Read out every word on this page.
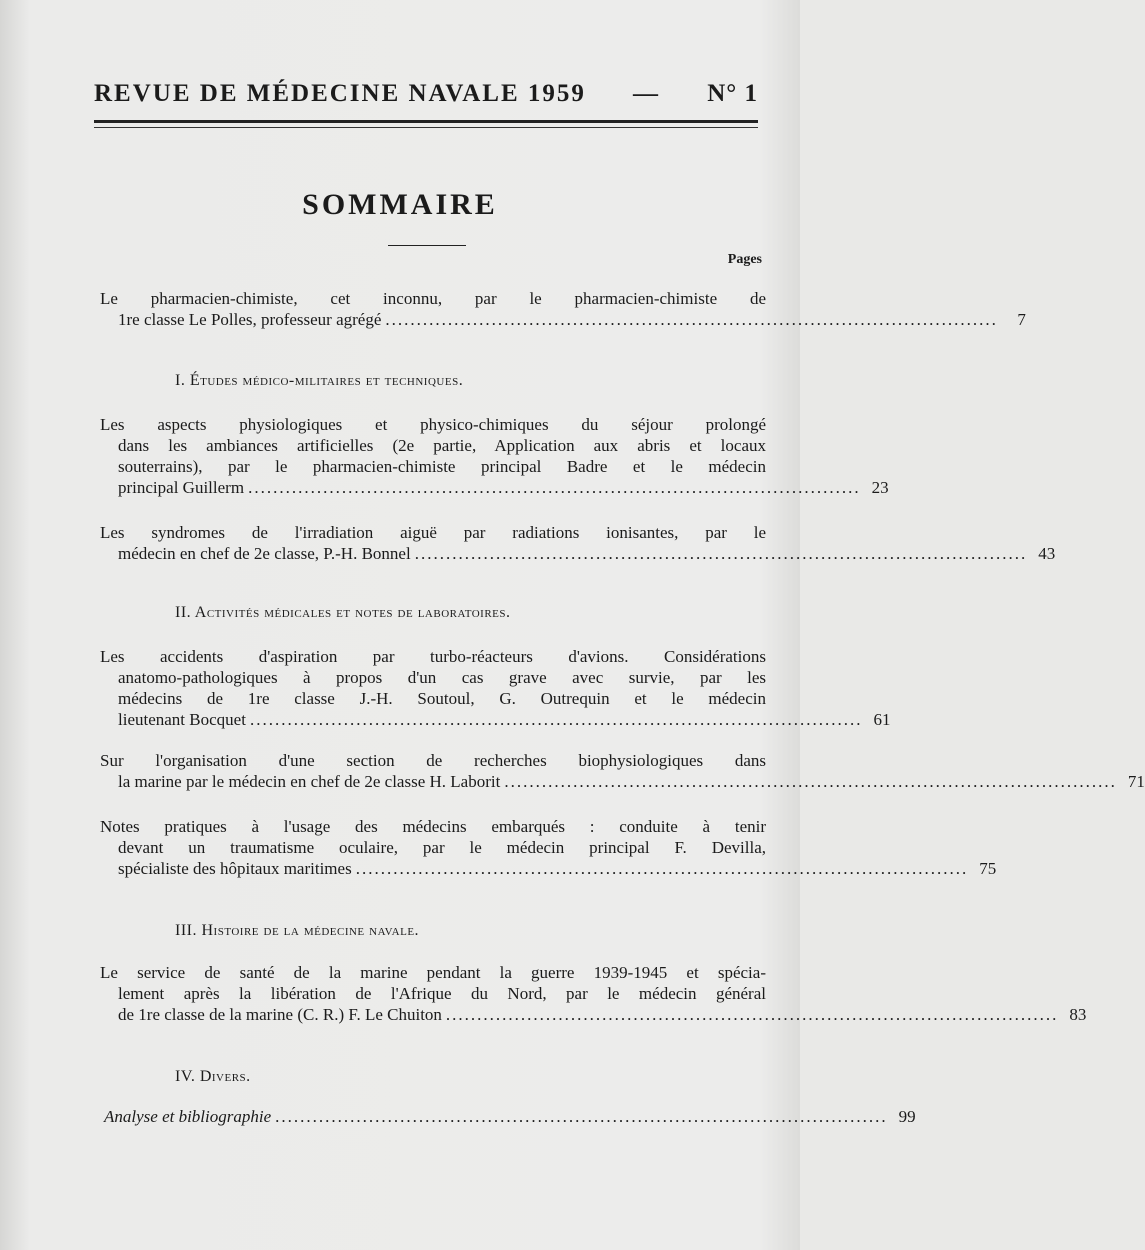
REVUE DE MÉDECINE NAVALE 1959 — N° 1
SOMMAIRE
Pages
Le pharmacien-chimiste, cet inconnu, par le pharmacien-chimiste de
1re classe Le Polles, professeur agrégé ..................................................................................................	7
I. Études médico-militaires et techniques.
Les aspects physiologiques et physico-chimiques du séjour prolongé
dans les ambiances artificielles (2e partie, Application aux abris et locaux
souterrains), par le pharmacien-chimiste principal Badre et le médecin
principal Guillerm .................................................................................................. 23
Les syndromes de l'irradiation aiguë par radiations ionisantes, par le
médecin en chef de 2e classe, P.-H. Bonnel .................................................................................................. 43
II. Activités médicales et notes de laboratoires.
Les accidents d'aspiration par turbo-réacteurs d'avions. Considérations
anatomo-pathologiques à propos d'un cas grave avec survie, par les
médecins de 1re classe J.-H. Soutoul, G. Outrequin et le médecin
lieutenant Bocquet .................................................................................................. 61
Sur l'organisation d'une section de recherches biophysiologiques dans
la marine par le médecin en chef de 2e classe H. Laborit .................................................................................................. 71
Notes pratiques à l'usage des médecins embarqués : conduite à tenir
devant un traumatisme oculaire, par le médecin principal F. Devilla,
spécialiste des hôpitaux maritimes .................................................................................................. 75
III. Histoire de la médecine navale.
Le service de santé de la marine pendant la guerre 1939-1945 et spécia-
lement après la libération de l'Afrique du Nord, par le médecin général
de 1re classe de la marine (C. R.) F. Le Chuiton .................................................................................................. 83
IV. Divers.
Analyse et bibliographie .................................................................................................. 99
